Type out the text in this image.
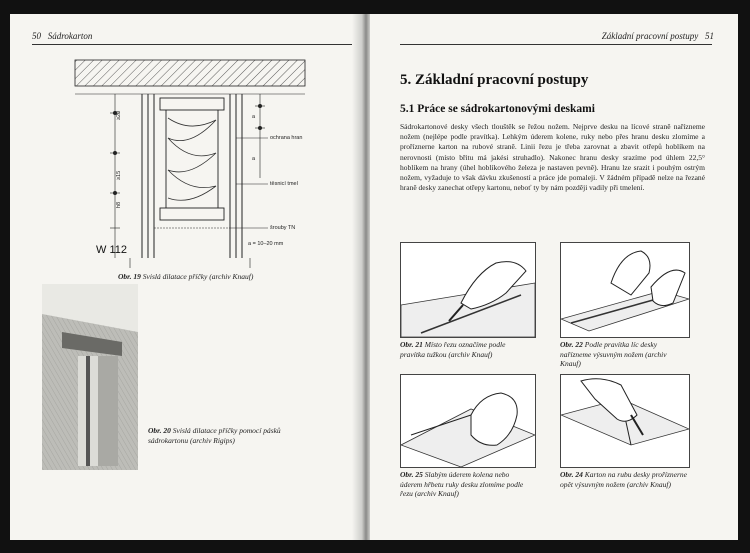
50 Sádrokarton
≥20
≥15
h8
a
a
ochrana hran
těsnicí tmel
šrouby TN
a = 10–20 mm
W 112
Obr. 19 Svislá dilatace příčky (archiv Knauf)
Obr. 20 Svislá dilatace příčky pomocí pásků sádrokartonu (archiv Rigips)
Základní pracovní postupy 51
5. Základní pracovní postupy
5.1 Práce se sádrokartonovými deskami

Sádrokartonové desky všech tlouštěk se řežou nožem. Nejprve desku na lícové straně nařízneme nožem (nejlépe podle pravítka). Lehkým úderem kolene, ruky nebo přes hranu desku zlomíme a proříznerne karton na rubové straně. Linii řezu je třeba zarovnat a zbavit otřepů hoblíkem na nerovnosti (místo břitu má jakési struhadlo). Nakonec hranu desky srazíme pod úhlem 22,5° hoblíkem na hrany (úhel hoblíkového železa je nastaven pevně). Hranu lze srazit i pouhým ostrým nožem, vyžaduje to však dávku zkušeností a práce jde pomaleji. V žádném případě nelze na řezané hraně desky zanechat otřepy kartonu, neboť ty by nám později vadily při tmelení.

Obr. 21 Místo řezu označíme podle pravítka tužkou (archiv Knauf)
Obr. 22 Podle pravítka líc desky nařízneme výsuvným nožem (archiv Knauf)
Obr. 25 Slabým úderem kolena nebo úderem hřbetu ruky desku zlomíme podle řezu (archiv Knauf)
Obr. 24 Karton na rubu desky proříznerne opět výsuvným nožem (archiv Knauf)
